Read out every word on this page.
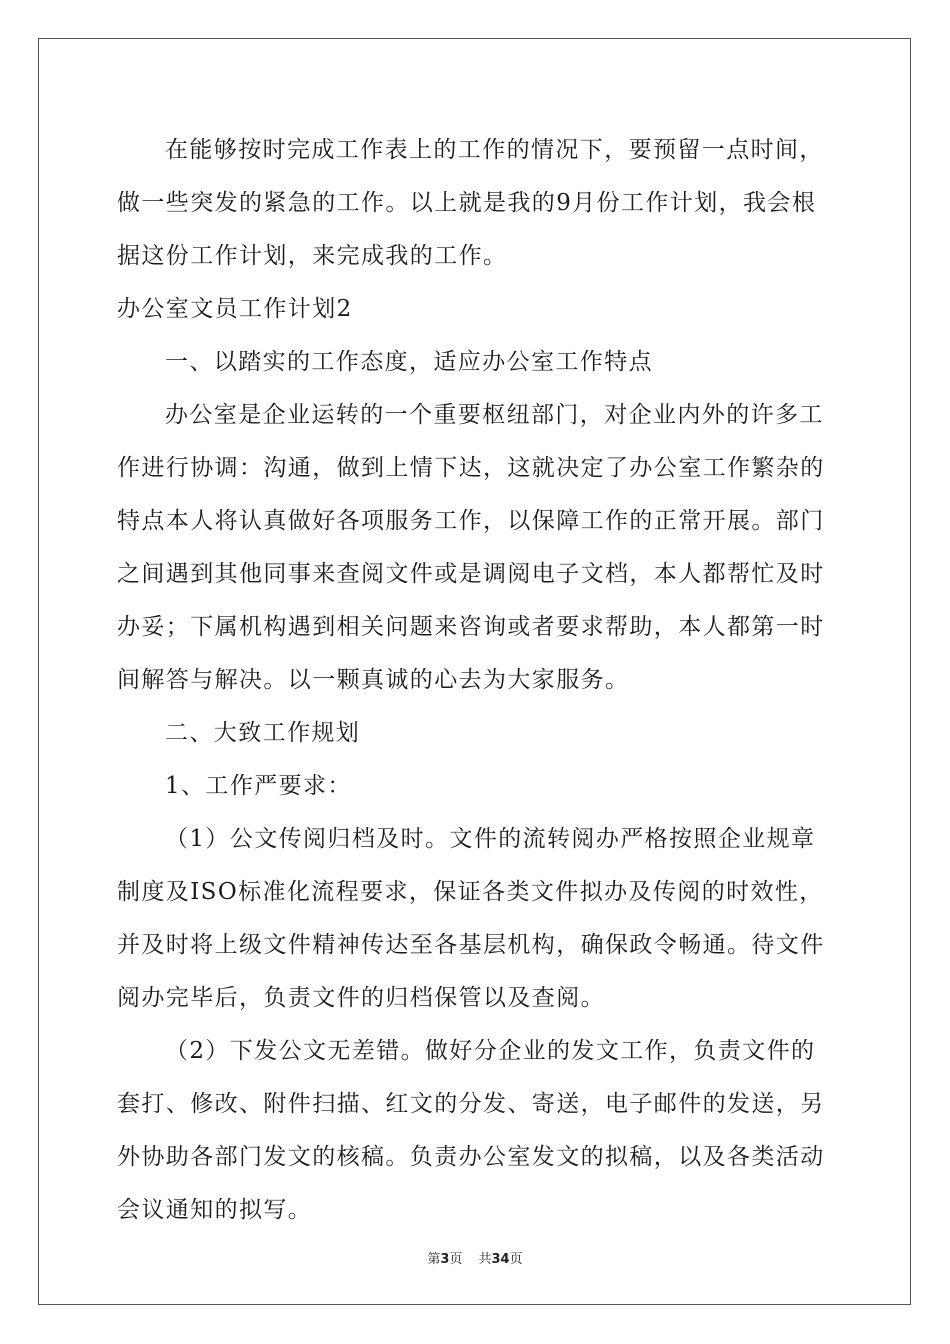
在能够按时完成工作表上的工作的情况下，要预留一点时间，做一些突发的紧急的工作。以上就是我的9月份工作计划，我会根据这份工作计划，来完成我的工作。

办公室文员工作计划2

一、以踏实的工作态度，适应办公室工作特点

办公室是企业运转的一个重要枢纽部门，对企业内外的许多工作进行协调：沟通，做到上情下达，这就决定了办公室工作繁杂的特点本人将认真做好各项服务工作，以保障工作的正常开展。部门之间遇到其他同事来查阅文件或是调阅电子文档，本人都帮忙及时办妥；下属机构遇到相关问题来咨询或者要求帮助，本人都第一时间解答与解决。以一颗真诚的心去为大家服务。

二、大致工作规划

1、工作严要求：

（1）公文传阅归档及时。文件的流转阅办严格按照企业规章制度及ISO标准化流程要求，保证各类文件拟办及传阅的时效性，并及时将上级文件精神传达至各基层机构，确保政令畅通。待文件阅办完毕后，负责文件的归档保管以及查阅。

（2）下发公文无差错。做好分企业的发文工作，负责文件的套打、修改、附件扫描、红文的分发、寄送，电子邮件的发送，另外协助各部门发文的核稿。负责办公室发文的拟稿，以及各类活动会议通知的拟写。

第3页 共34页
